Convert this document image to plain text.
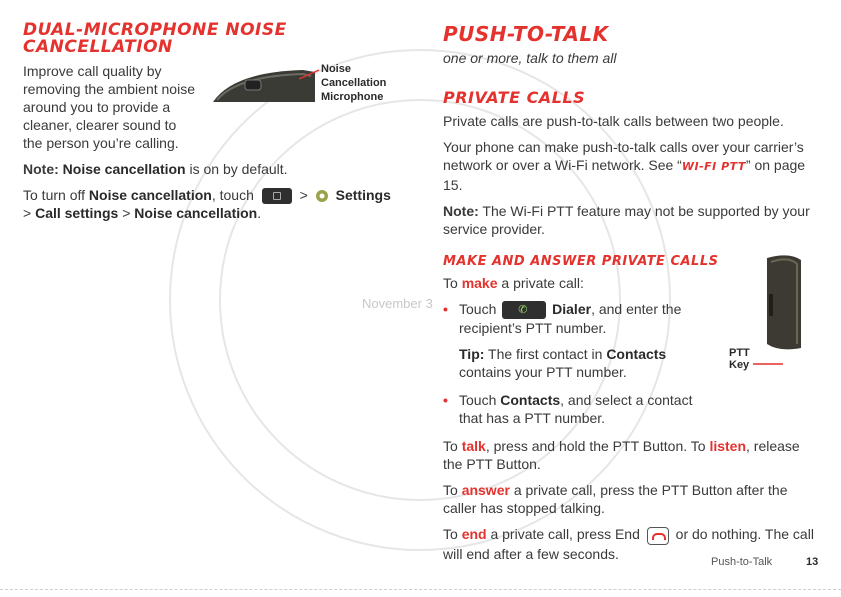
November 3
DUAL-MICROPHONE NOISE
CANCELLATION
Noise
Cancellation
Microphone

Improve call quality by removing the ambient noise around you to provide a cleaner, clearer sound to the person you’re calling.

Note: Noise cancellation is on by default.

To turn off Noise cancellation, touch	>  Settings
> Call settings > Noise cancellation.

PUSH-TO-TALK
one or more, talk to them all
PRIVATE CALLS

Private calls are push-to-talk calls between two people.

Your phone can make push-to-talk calls over your carrier’s network or over a Wi-Fi network. See “WI-FI PTT” on page 15.

Note: The Wi-Fi PTT feature may not be supported by your service provider.

MAKE AND ANSWER PRIVATE CALLS

To make a private call:

• Touch ✆ Dialer, and enter the recipient’s PTT number.
Tip: The first contact in Contacts contains your PTT number.
• Touch Contacts, and select a contact that has a PTT number.
PTT
Key

To talk, press and hold the PTT Button. To listen, release the PTT Button.

To answer a private call, press the PTT Button after the caller has stopped talking.

To end a private call, press End  or do nothing. The call will end after a few seconds.

Push-to-Talk	13
